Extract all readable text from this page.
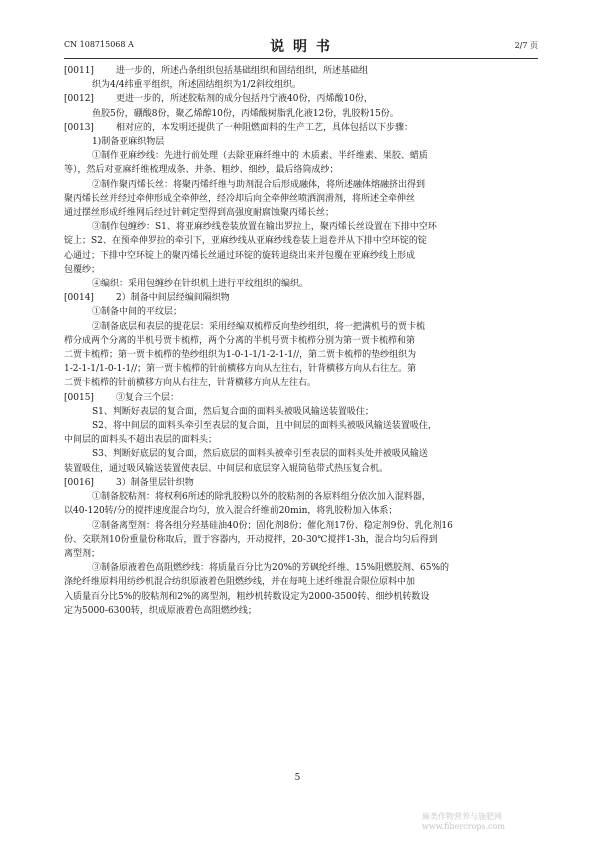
CN 108715068 A	说 明 书	2/7 页
[0011]	进一步的，所述凸条组织包括基础组织和固结组织，所述基础组
织为4/4纬重平组织，所述固结组织为1/2斜纹组织。
[0012]	更进一步的，所述胶粘剂的成分包括丹宁液40份，丙烯酸10份，
鱼胶5份，硼酸8份，聚乙烯醇10份，丙烯酸树脂乳化液12份，乳胶粉15份。
[0013]	相对应的，本发明还提供了一种阻燃面料的生产工艺，具体包括以下步骤：
1)制备亚麻织物层
①制作亚麻纱线：先进行前处理（去除亚麻纤维中的 木质素、半纤维素、果胶、蜡质
等），然后对亚麻纤维梳理成条、并条、粗纱、细纱，最后络筒成纱；
②制作聚丙烯长丝：将聚丙烯纤维与助剂混合后形成融体，将所述融体熔融挤出得到
聚丙烯长丝并经过牵伸形成全牵伸丝，经冷却后向全牵伸丝喷洒润滑剂，将所述全牵伸丝
通过摆丝形成纤维网后经过针刺定型得到高强度耐腐蚀聚丙烯长丝；
③制作包缠纱：S1、将亚麻纱线卷装放置在输出罗拉上，聚丙烯长丝设置在下排中空环
锭上；S2、在预牵伸罗拉的牵引下，亚麻纱线从亚麻纱线卷装上退卷并从下排中空环锭的锭
心通过；下排中空环锭上的聚丙烯长丝通过环锭的旋转退绕出来并包覆在亚麻纱线上形成
包覆纱；
④编织：采用包缠纱在针织机上进行平纹组织的编织。
[0014]	2）制备中间层经编间隔织物
①制备中间的平纹层；
②制备底层和表层的提花层：采用经编双梳栉反向垫纱组织，将一把满机号的贾卡梳
栉分成两个分离的半机号贾卡梳栉，两个分离的半机号贾卡梳栉分别为第一贾卡梳栉和第
二贾卡梳栉；第一贾卡梳栉的垫纱组织为1-0-1-1/1-2-1-1//，第二贾卡梳栉的垫纱组织为
1-2-1-1/1-0-1-1//；第一贾卡梳栉的针前横移方向从左往右，针背横移方向从右往左。第
二贾卡梳栉的针前横移方向从右往左，针背横移方向从左往右。
[0015]	③复合三个层：
S1、判断好表层的复合面，然后复合面的面料头被吸风输送装置吸住；
S2、将中间层的面料头牵引至表层的复合面，且中间层的面料头被吸风输送装置吸住，
中间层的面料头不超出表层的面料头；
S3、判断好底层的复合面，然后底层的面料头被牵引至表层的面料头处并被吸风输送
装置吸住，通过吸风输送装置使表层、中间层和底层穿入辊筒毡带式热压复合机。
[0016]	3）制备里层针织物
①制备胶粘剂：将权利6所述的除乳胶粉以外的胶粘剂的各原料组分依次加入混料器，
以40-120转/分的搅拌速度混合均匀，放入混合纤维前20min，将乳胶粉加入体系；
②制备离型剂：将各组分羟基硅油40份；固化剂8份；催化剂17份、稳定剂9份、乳化剂16
份、交联剂10份重量份称取后，置于容器内，开动搅拌，20-30℃搅拌1-3h，混合均匀后得到
离型剂；
③制备原液着色高阻燃纱线：将质量百分比为20%的芳砜纶纤维、15%阻燃胶剂、65%的
涤纶纤维原料用纺纱机混合纺织原液着色阻燃纱线，并在每吨上述纤维混合限位原料中加
入质量百分比5%的胶粘剂和2%的离型剂，粗纱机转数设定为2000-3500转、细纱机转数设
定为5000-6300转，织成原液着色高阻燃纱线；
5
麻类作物营养与施肥网
www.fibercrops.com
